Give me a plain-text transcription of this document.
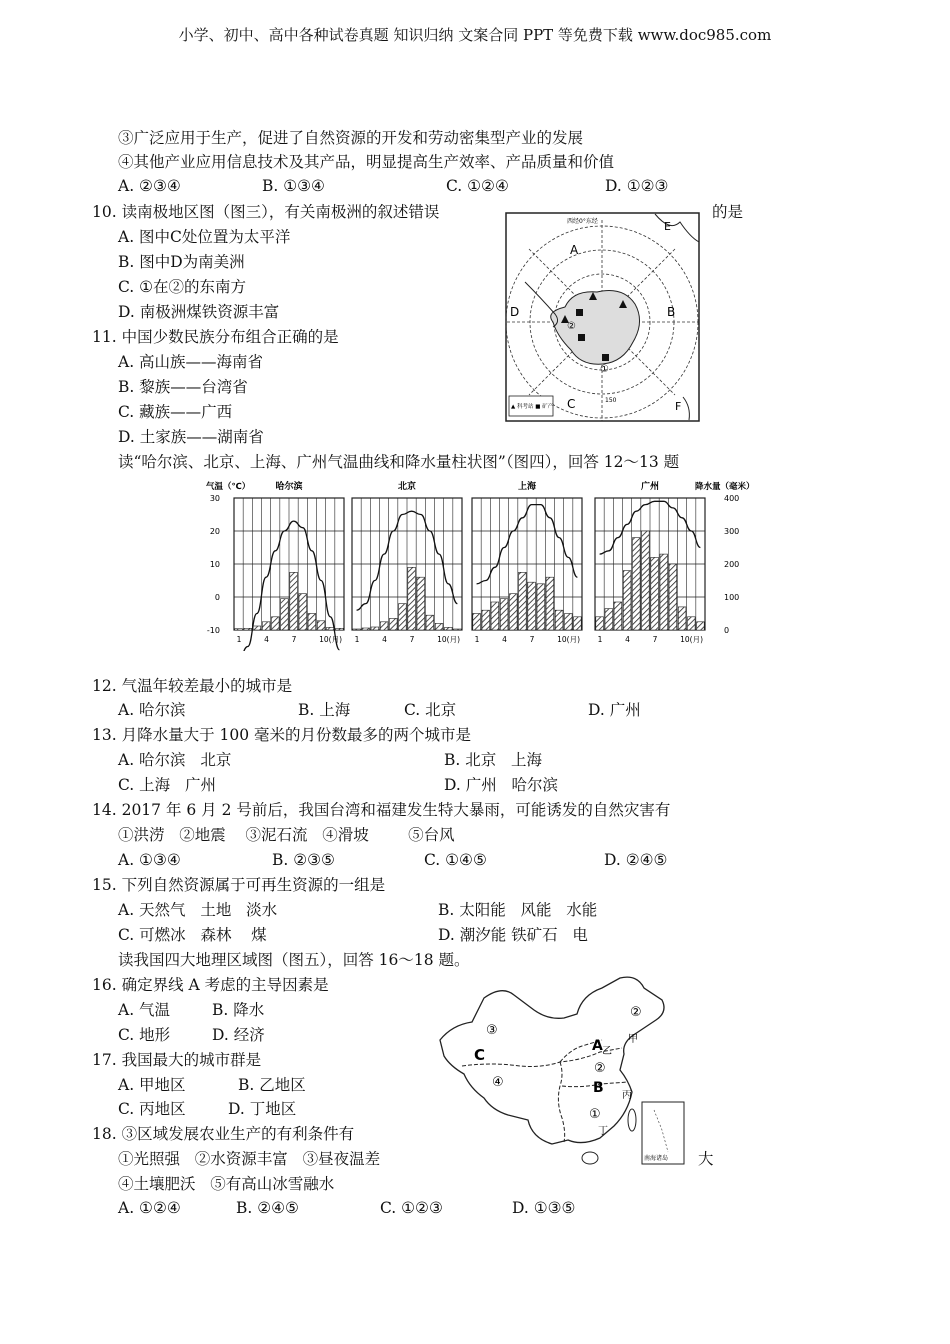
小学、初中、高中各种试卷真题 知识归纳 文案合同 PPT 等免费下载 www.doc985.com
③广泛应用于生产，促进了自然资源的开发和劳动密集型产业的发展
④其他产业应用信息技术及其产品，明显提高生产效率、产品质量和价值
A. ②③④	B. ①③④	C. ①②④	D. ①②③
10. 读南极地区图（图三），有关南极洲的叙述错误	的是
A. 图中C处位置为太平洋
B. 图中D为南美洲
C. ①在②的东南方
D. 南极洲煤铁资源丰富
西经0°东经
A
B
C
D
E
F
①
②
150
▲ 科考站 ■ 矿产
11. 中国少数民族分布组合正确的是
A. 高山族——海南省
B. 黎族——台湾省
C. 藏族——广西
D. 土家族——湖南省
读“哈尔滨、北京、上海、广州气温曲线和降水量柱状图”（图四），回答 12～13 题
气温（℃）	降水量（毫米）
30
20
10
0
-10
400
300
200
100
0
哈尔滨
1	4	7	10(月)
北京
1	4	7	10(月)
上海
1	4	7	10(月)
广州
1	4	7	10(月)
12. 气温年较差最小的城市是
A. 哈尔滨	B. 上海	C. 北京	D. 广州
13. 月降水量大于 100 毫米的月份数最多的两个城市是
A. 哈尔滨   北京	B. 北京   上海
C. 上海   广州	D. 广州   哈尔滨
14. 2017 年 6 月 2 号前后，我国台湾和福建发生特大暴雨，可能诱发的自然灾害有
①洪涝   ②地震    ③泥石流   ④滑坡        ⑤台风
A. ①③④	B. ②③⑤	C. ①④⑤	D. ②④⑤
15. 下列自然资源属于可再生资源的一组是
A. 天然气   土地   淡水	B. 太阳能   风能   水能
C. 可燃冰   森林    煤	D. 潮汐能 铁矿石   电
读我国四大地理区域图（图五），回答 16～18 题。
16. 确定界线 A 考虑的主导因素是
A. 气温	B. 降水
C. 地形	D. 经济
17. 我国最大的城市群是
A. 甲地区	B. 乙地区
C. 丙地区	D. 丁地区
18. ③区域发展农业生产的有利条件有
①光照强   ②水资源丰富   ③昼夜温差	大
④土壤肥沃   ⑤有高山冰雪融水
A. ①②④	B. ②④⑤	C. ①②③	D. ①③⑤
南海诸岛
③
C
④
②
甲
A 乙
②
B 丙
①
丁
